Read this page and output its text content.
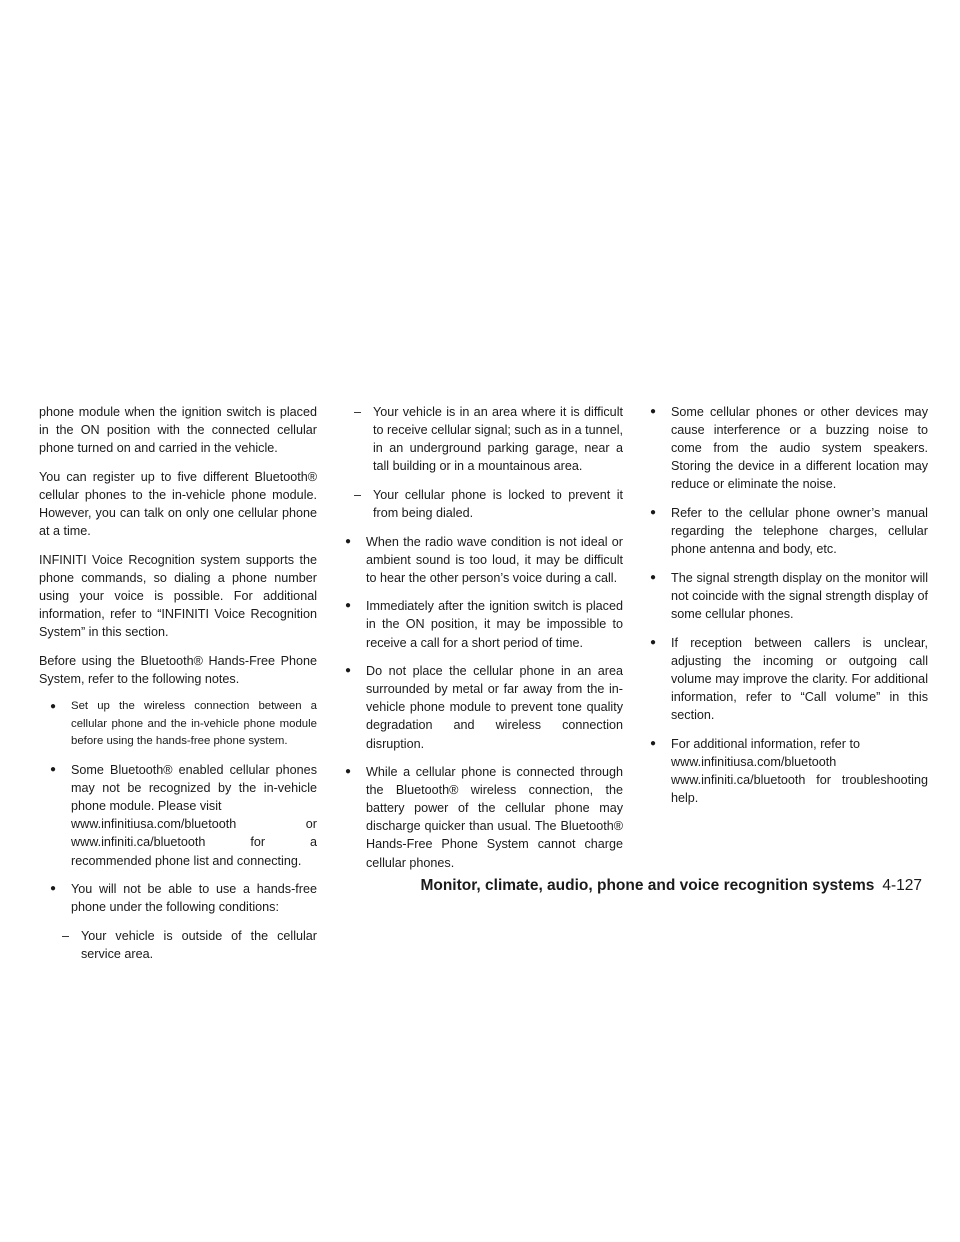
phone module when the ignition switch is placed in the ON position with the connected cellular phone turned on and carried in the vehicle.

You can register up to five different Bluetooth® cellular phones to the in-vehicle phone module. However, you can talk on only one cellular phone at a time.

INFINITI Voice Recognition system supports the phone commands, so dialing a phone number using your voice is possible. For additional information, refer to “INFINITI Voice Recognition System” in this section.

Before using the Bluetooth® Hands-Free Phone System, refer to the following notes.

● Set up the wireless connection between a cellular phone and the in-vehicle phone module before using the hands-free phone system.
● Some Bluetooth® enabled cellular phones may not be recognized by the in-vehicle phone module. Please visit
www.infinitiusa.com/bluetooth	or
www.infiniti.ca/bluetooth for a recommended phone list and connecting.
● You will not be able to use a hands-free phone under the following conditions:
– Your vehicle is outside of the cellular service area.
– Your vehicle is in an area where it is difficult to receive cellular signal; such as in a tunnel, in an underground parking garage, near a tall building or in a mountainous area.
– Your cellular phone is locked to prevent it from being dialed.
● When the radio wave condition is not ideal or ambient sound is too loud, it may be difficult to hear the other person’s voice during a call.
● Immediately after the ignition switch is placed in the ON position, it may be impossible to receive a call for a short period of time.
● Do not place the cellular phone in an area surrounded by metal or far away from the in-vehicle phone module to prevent tone quality degradation and wireless connection disruption.
● While a cellular phone is connected through the Bluetooth® wireless connection, the battery power of the cellular phone may discharge quicker than usual. The Bluetooth® Hands-Free Phone System cannot charge cellular phones.
● Some cellular phones or other devices may cause interference or a buzzing noise to come from the audio system speakers. Storing the device in a different location may reduce or eliminate the noise.
● Refer to the cellular phone owner’s manual regarding the telephone charges, cellular phone antenna and body, etc.
● The signal strength display on the monitor will not coincide with the signal strength display of some cellular phones.
● If reception between callers is unclear, adjusting the incoming or outgoing call volume may improve the clarity. For additional information, refer to “Call volume” in this section.
● For additional information, refer to
www.infinitiusa.com/bluetooth
www.infiniti.ca/bluetooth for troubleshooting help.
Monitor, climate, audio, phone and voice recognition systems 4-127
